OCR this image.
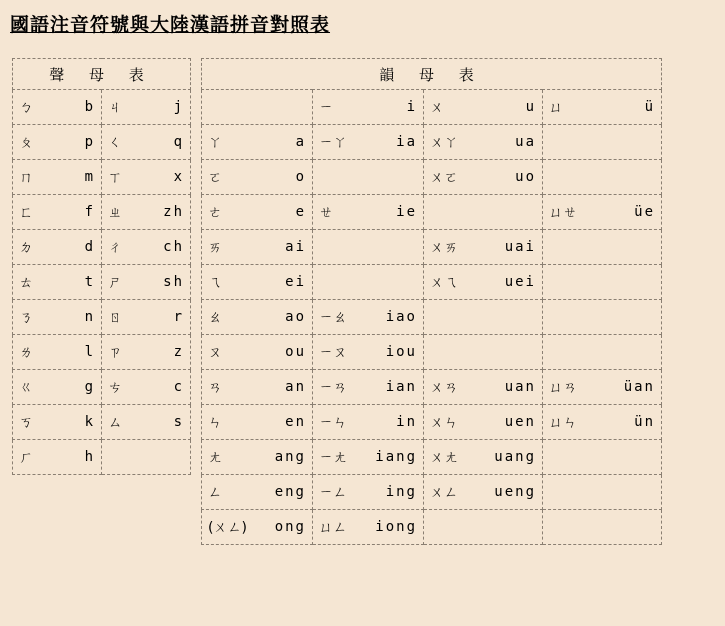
國語注音符號與大陸漢語拼音對照表
聲 母 表	

ㄅ b	ㄐ j

ㄆ p	ㄑ q

ㄇ m	ㄒ x

ㄈ f	ㄓ zh

ㄉ d	ㄔ ch

ㄊ t	ㄕ sh

ㄋ n	ㄖ r

ㄌ l	ㄗ z

ㄍ g	ㄘ c

ㄎ k	ㄙ s

ㄏ h	

韻 母 表			

	ㄧ i	ㄨ u	ㄩ ü

ㄚ a	ㄧㄚ ia	ㄨㄚ ua	

ㄛ o		ㄨㄛ uo	

ㄜ e	ㄝ ie		ㄩㄝ üe

ㄞ ai		ㄨㄞ uai	

ㄟ ei		ㄨㄟ uei	

ㄠ ao	ㄧㄠ iao		

ㄡ ou	ㄧㄡ iou		

ㄢ an	ㄧㄢ ian	ㄨㄢ uan	ㄩㄢ üan

ㄣ en	ㄧㄣ in	ㄨㄣ uen	ㄩㄣ ün

ㄤ ang	ㄧㄤ iang	ㄨㄤ uang	

ㄥ eng	ㄧㄥ ing	ㄨㄥ ueng	

(ㄨㄥ) ong	ㄩㄥ iong		
